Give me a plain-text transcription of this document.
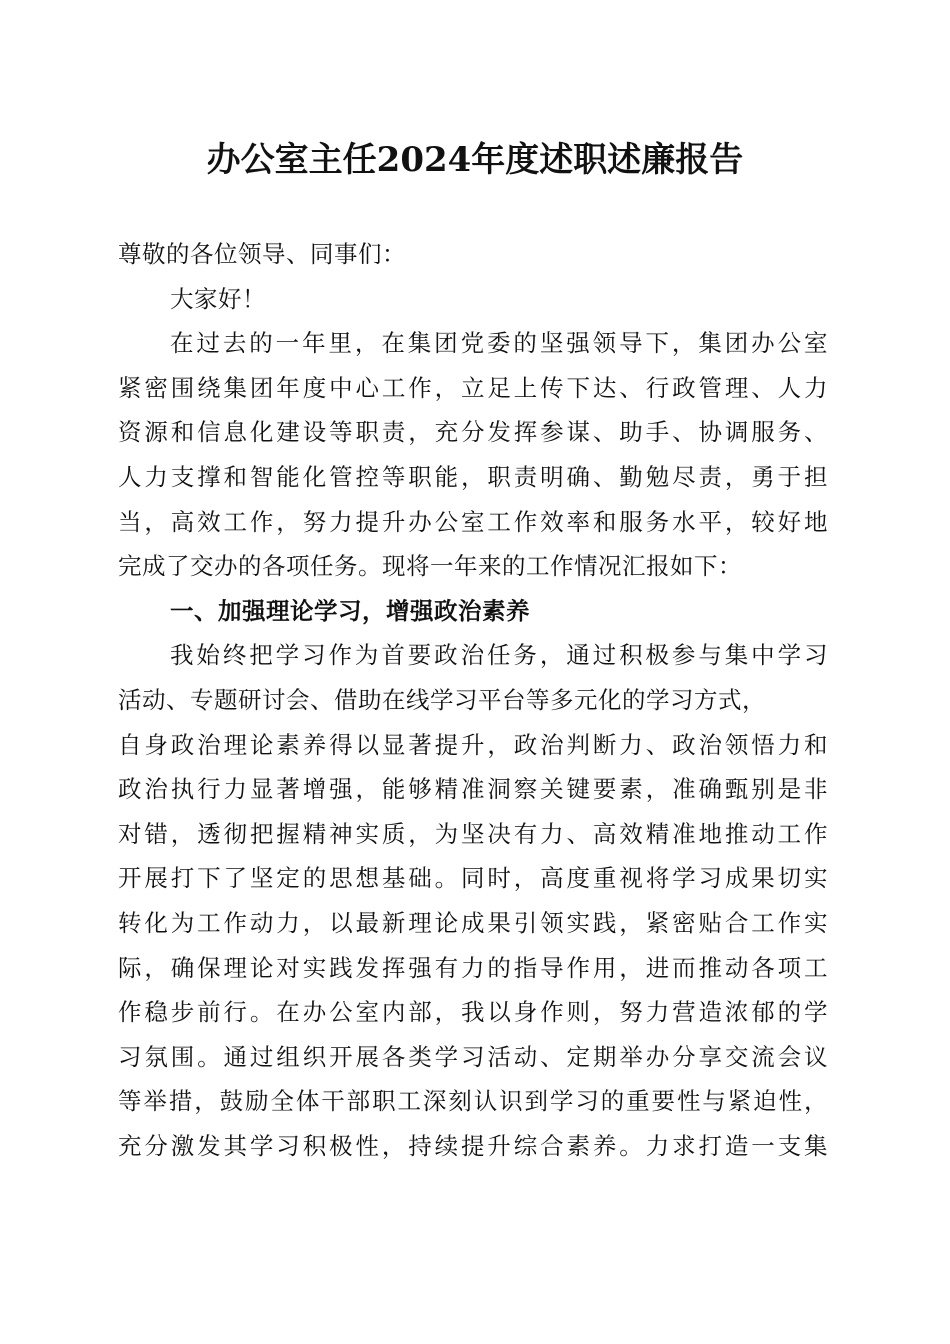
办公室主任2024年度述职述廉报告
尊敬的各位领导、同事们：
大家好！
在过去的一年里，在集团党委的坚强领导下，集团办公室
紧密围绕集团年度中心工作，立足上传下达、行政管理、人力
资源和信息化建设等职责，充分发挥参谋、助手、协调服务、
人力支撑和智能化管控等职能，职责明确、勤勉尽责，勇于担
当，高效工作，努力提升办公室工作效率和服务水平，较好地
完成了交办的各项任务。现将一年来的工作情况汇报如下：
一、加强理论学习，增强政治素养
我始终把学习作为首要政治任务，通过积极参与集中学习
活动、专题研讨会、借助在线学习平台等多元化的学习方式，
自身政治理论素养得以显著提升，政治判断力、政治领悟力和
政治执行力显著增强，能够精准洞察关键要素，准确甄别是非
对错，透彻把握精神实质，为坚决有力、高效精准地推动工作
开展打下了坚定的思想基础。同时，高度重视将学习成果切实
转化为工作动力，以最新理论成果引领实践，紧密贴合工作实
际，确保理论对实践发挥强有力的指导作用，进而推动各项工
作稳步前行。在办公室内部，我以身作则，努力营造浓郁的学
习氛围。通过组织开展各类学习活动、定期举办分享交流会议
等举措，鼓励全体干部职工深刻认识到学习的重要性与紧迫性，
充分激发其学习积极性，持续提升综合素养。力求打造一支集
